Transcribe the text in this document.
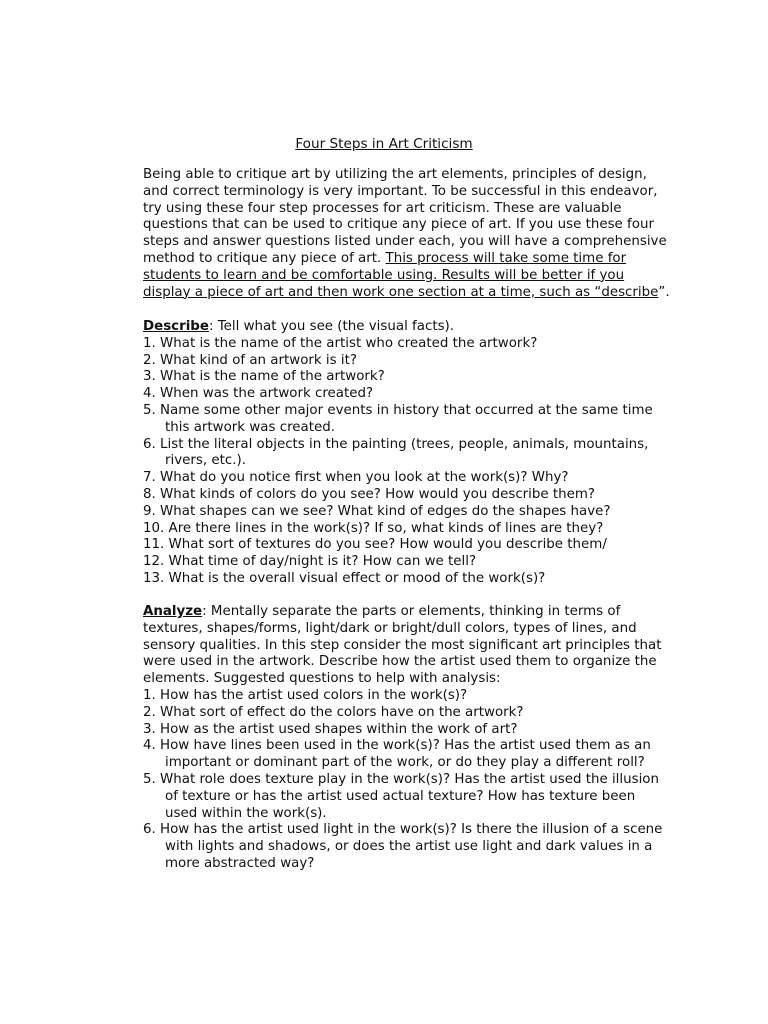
Four Steps in Art Criticism
Being able to critique art by utilizing the art elements, principles of design,
and correct terminology is very important. To be successful in this endeavor,
try using these four step processes for art criticism. These are valuable
questions that can be used to critique any piece of art. If you use these four
steps and answer questions listed under each, you will have a comprehensive
method to critique any piece of art. This process will take some time for
students to learn and be comfortable using. Results will be better if you
display a piece of art and then work one section at a time, such as “describe”.
Describe: Tell what you see (the visual facts).
1. What is the name of the artist who created the artwork?
2. What kind of an artwork is it?
3. What is the name of the artwork?
4. When was the artwork created?
5. Name some other major events in history that occurred at the same time
this artwork was created.
6. List the literal objects in the painting (trees, people, animals, mountains,
rivers, etc.).
7. What do you notice first when you look at the work(s)? Why?
8. What kinds of colors do you see? How would you describe them?
9. What shapes can we see? What kind of edges do the shapes have?
10. Are there lines in the work(s)? If so, what kinds of lines are they?
11. What sort of textures do you see? How would you describe them/
12. What time of day/night is it? How can we tell?
13. What is the overall visual effect or mood of the work(s)?
Analyze: Mentally separate the parts or elements, thinking in terms of
textures, shapes/forms, light/dark or bright/dull colors, types of lines, and
sensory qualities. In this step consider the most significant art principles that
were used in the artwork. Describe how the artist used them to organize the
elements. Suggested questions to help with analysis:
1. How has the artist used colors in the work(s)?
2. What sort of effect do the colors have on the artwork?
3. How as the artist used shapes within the work of art?
4. How have lines been used in the work(s)? Has the artist used them as an
important or dominant part of the work, or do they play a different roll?
5. What role does texture play in the work(s)? Has the artist used the illusion
of texture or has the artist used actual texture? How has texture been
used within the work(s).
6. How has the artist used light in the work(s)? Is there the illusion of a scene
with lights and shadows, or does the artist use light and dark values in a
more abstracted way?
